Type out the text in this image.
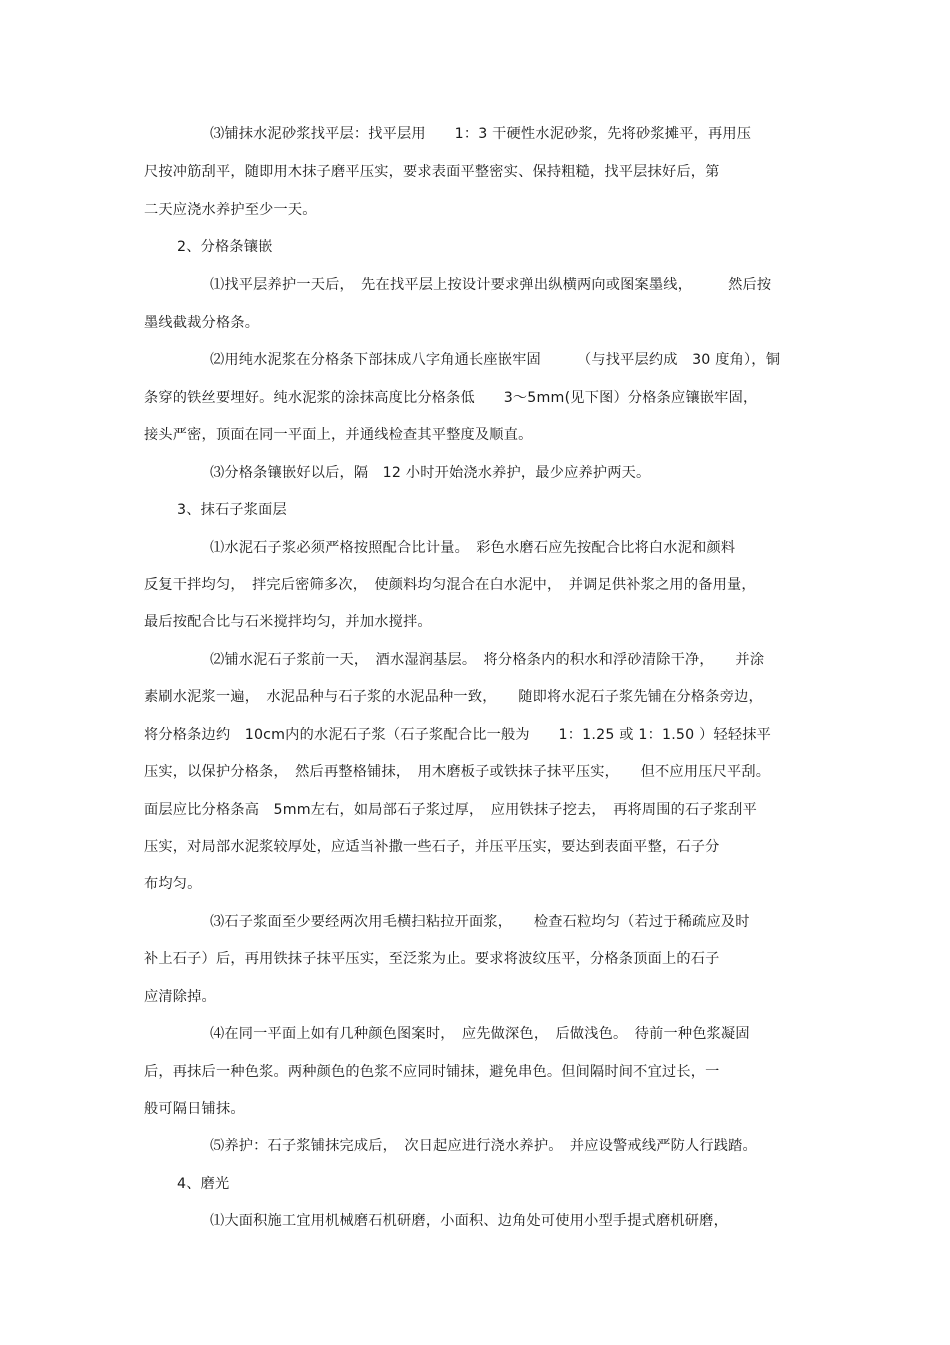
⑶铺抹水泥砂浆找平层：找平层用　　1：3 干硬性水泥砂浆，先将砂浆摊平，再用压
尺按冲筋刮平，随即用木抹子磨平压实，要求表面平整密实、保持粗糙，找平层抹好后，第
二天应浇水养护至少一天。
2、分格条镶嵌
⑴找平层养护一天后，　先在找平层上按设计要求弹出纵横两向或图案墨线，　　　然后按
墨线截裁分格条。
⑵用纯水泥浆在分格条下部抹成八字角通长座嵌牢固　　　（与找平层约成　30 度角），铜
条穿的铁丝要埋好。纯水泥浆的涂抹高度比分格条低　　3～5mm(见下图）分格条应镶嵌牢固，
接头严密，顶面在同一平面上，并通线检查其平整度及顺直。
⑶分格条镶嵌好以后，隔　12 小时开始浇水养护，最少应养护两天。
3、抹石子浆面层
⑴水泥石子浆必须严格按照配合比计量。　彩色水磨石应先按配合比将白水泥和颜料
反复干拌均匀，　拌完后密筛多次，　使颜料均匀混合在白水泥中，　并调足供补浆之用的备用量，
最后按配合比与石米搅拌均匀，并加水搅拌。
⑵铺水泥石子浆前一天，　酒水湿润基层。　将分格条内的积水和浮砂清除干净，　　并涂
素刷水泥浆一遍，　水泥品种与石子浆的水泥品种一致，　　随即将水泥石子浆先铺在分格条旁边，
将分格条边约　10cm内的水泥石子浆（石子浆配合比一般为　　1：1.25 或 1：1.50 ）轻轻抹平
压实，以保护分格条，　然后再整格铺抹，　用木磨板子或铁抹子抹平压实，　　但不应用压尺平刮。
面层应比分格条高　5mm左右，如局部石子浆过厚，　应用铁抹子挖去，　再将周围的石子浆刮平
压实，对局部水泥浆较厚处，应适当补撒一些石子，并压平压实，要达到表面平整，石子分
布均匀。
⑶石子浆面至少要经两次用毛横扫粘拉开面浆，　　检查石粒均匀（若过于稀疏应及时
补上石子）后，再用铁抹子抹平压实，至泛浆为止。要求将波纹压平，分格条顶面上的石子
应清除掉。
⑷在同一平面上如有几种颜色图案时，　应先做深色，　后做浅色。　待前一种色浆凝固
后，再抹后一种色浆。两种颜色的色浆不应同时铺抹，避免串色。但间隔时间不宜过长，一
般可隔日铺抹。
⑸养护：石子浆铺抹完成后，　次日起应进行浇水养护。　并应设警戒线严防人行践踏。
4、磨光
⑴大面积施工宜用机械磨石机研磨，小面积、边角处可使用小型手提式磨机研磨，
